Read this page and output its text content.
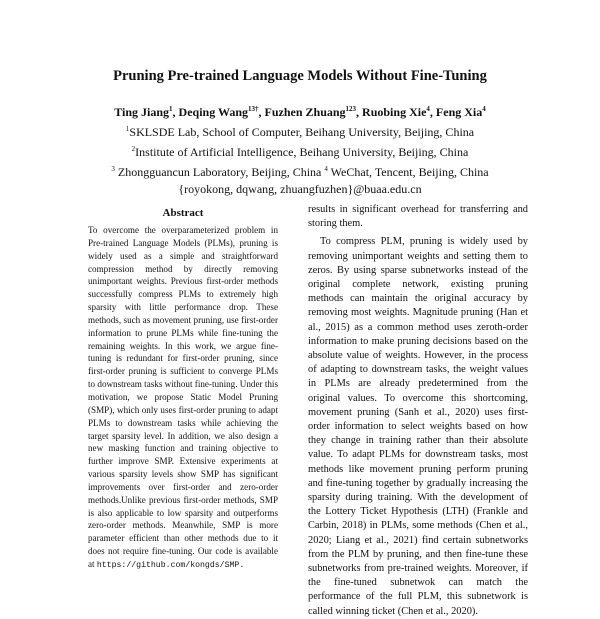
Pruning Pre-trained Language Models Without Fine-Tuning
Ting Jiang$^1$, Deqing Wang$^{13\dagger}$, Fuzhen Zhuang$^{123}$, Ruobing Xie$^4$, Feng Xia$^4$
$^1$SKLSDE Lab, School of Computer, Beihang University, Beijing, China
$^2$Institute of Artificial Intelligence, Beihang University, Beijing, China
$^3$ Zhongguancun Laboratory, Beijing, China $^4$ WeChat, Tencent, Beijing, China
{royokong, dqwang, zhuangfuzhen}@buaa.edu.cn
Abstract
To overcome the overparameterized problem in Pre-trained Language Models (PLMs), pruning is widely used as a simple and straightforward compression method by directly removing unimportant weights. Previous first-order methods successfully compress PLMs to extremely high sparsity with little performance drop. These methods, such as movement pruning, use first-order information to prune PLMs while fine-tuning the remaining weights. In this work, we argue fine-tuning is redundant for first-order pruning, since first-order pruning is sufficient to converge PLMs to downstream tasks without fine-tuning. Under this motivation, we propose Static Model Pruning (SMP), which only uses first-order pruning to adapt PLMs to downstream tasks while achieving the target sparsity level. In addition, we also design a new masking function and training objective to further improve SMP. Extensive experiments at various sparsity levels show SMP has significant improvements over first-order and zero-order methods.Unlike previous first-order methods, SMP is also applicable to low sparsity and outperforms zero-order methods. Meanwhile, SMP is more parameter efficient than other methods due to it does not require fine-tuning. Our code is available at https://github.com/kongds/SMP.

results in significant overhead for transferring and storing them.

To compress PLM, pruning is widely used by removing unimportant weights and setting them to zeros. By using sparse subnetworks instead of the original complete network, existing pruning methods can maintain the original accuracy by removing most weights. Magnitude pruning (Han et al., 2015) as a common method uses zeroth-order information to make pruning decisions based on the absolute value of weights. However, in the process of adapting to downstream tasks, the weight values in PLMs are already predetermined from the original values. To overcome this shortcoming, movement pruning (Sanh et al., 2020) uses first-order information to select weights based on how they change in training rather than their absolute value. To adapt PLMs for downstream tasks, most methods like movement pruning perform pruning and fine-tuning together by gradually increasing the sparsity during training. With the development of the Lottery Ticket Hypothesis (LTH) (Frankle and Carbin, 2018) in PLMs, some methods (Chen et al., 2020; Liang et al., 2021) find certain subnetworks from the PLM by pruning, and then fine-tune these subnetworks from pre-trained weights. Moreover, if the fine-tuned subnetwok can match the performance of the full PLM, this subnetwork is called winning ticket (Chen et al., 2020).
